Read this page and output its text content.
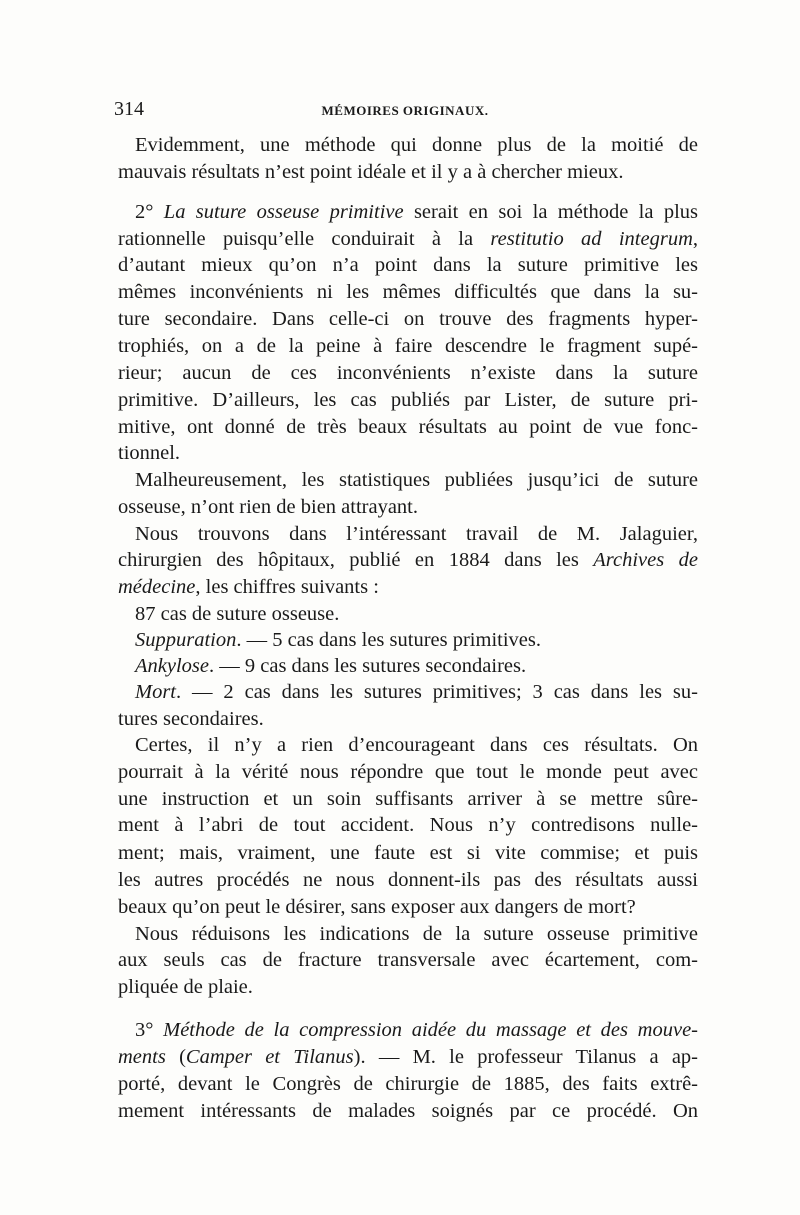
314	MÉMOIRES ORIGINAUX.
Evidemment, une méthode qui donne plus de la moitié de
mauvais résultats n’est point idéale et il y a à chercher mieux.
2° La suture osseuse primitive serait en soi la méthode la plus
rationnelle puisqu’elle conduirait à la restitutio ad integrum,
d’autant mieux qu’on n’a point dans la suture primitive les
mêmes inconvénients ni les mêmes difficultés que dans la su-
ture secondaire. Dans celle-ci on trouve des fragments hyper-
trophiés, on a de la peine à faire descendre le fragment supé-
rieur; aucun de ces inconvénients n’existe dans la suture
primitive. D’ailleurs, les cas publiés par Lister, de suture pri-
mitive, ont donné de très beaux résultats au point de vue fonc-
tionnel.
Malheureusement, les statistiques publiées jusqu’ici de suture
osseuse, n’ont rien de bien attrayant.
Nous trouvons dans l’intéressant travail de M. Jalaguier,
chirurgien des hôpitaux, publié en 1884 dans les Archives de
médecine, les chiffres suivants :
87 cas de suture osseuse.
Suppuration. — 5 cas dans les sutures primitives.
Ankylose. — 9 cas dans les sutures secondaires.
Mort. — 2 cas dans les sutures primitives; 3 cas dans les su-
tures secondaires.
Certes, il n’y a rien d’encourageant dans ces résultats. On
pourrait à la vérité nous répondre que tout le monde peut avec
une instruction et un soin suffisants arriver à se mettre sûre-
ment à l’abri de tout accident. Nous n’y contredisons nulle-
ment; mais, vraiment, une faute est si vite commise; et puis
les autres procédés ne nous donnent-ils pas des résultats aussi
beaux qu’on peut le désirer, sans exposer aux dangers de mort?
Nous réduisons les indications de la suture osseuse primitive
aux seuls cas de fracture transversale avec écartement, com-
pliquée de plaie.
3° Méthode de la compression aidée du massage et des mouve-
ments (Camper et Tilanus). — M. le professeur Tilanus a ap-
porté, devant le Congrès de chirurgie de 1885, des faits extrê-
mement intéressants de malades soignés par ce procédé. On
